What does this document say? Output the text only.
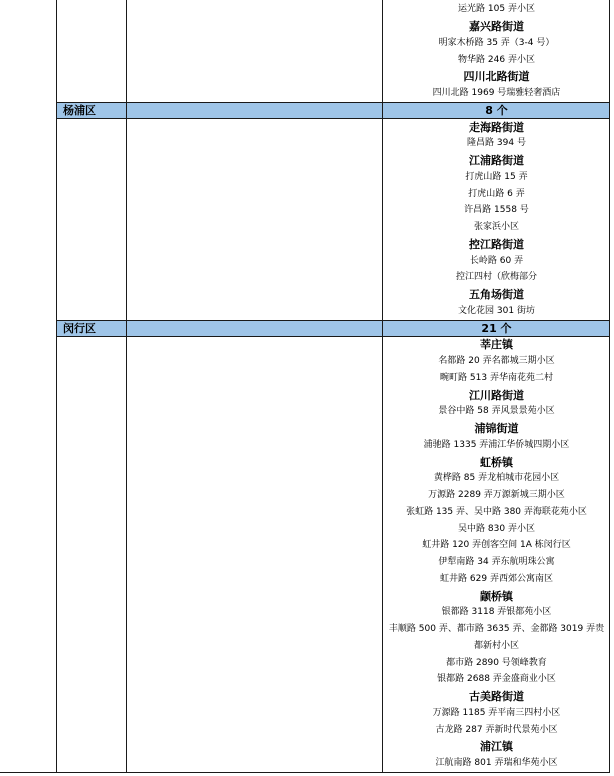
运光路 105 弄小区
嘉兴路街道
明家木桥路 35 弄（3-4 号）
物华路 246 弄小区
四川北路街道
四川北路 1969 号瑞雅轻奢酒店
杨浦区	8 个
走海路街道
隆昌路 394 号
江浦路街道
打虎山路 15 弄
打虎山路 6 弄
许昌路 1558 号
张家浜小区
控江路街道
长岭路 60 弄
控江四村（欣梅部分
五角场街道
文化花园 301 街坊
闵行区	21 个
莘庄镇
名都路 20 弄名都城三期小区
畹町路 513 弄华南花苑二村
江川路街道
景谷中路 58 弄风景景苑小区
浦锦街道
浦驰路 1335 弄浦江华侨城四期小区
虹桥镇
黄桦路 85 弄龙柏城市花园小区
万源路 2289 弄万源新城三期小区
张虹路 135 弄、吴中路 380 弄海联花苑小区
吴中路 830 弄小区
虹井路 120 弄创客空间 1A 栋闵行区
伊犁南路 34 弄东航明珠公寓
虹井路 629 弄西郊公寓南区
颛桥镇
银都路 3118 弄银都苑小区
丰顺路 500 弄、都市路 3635 弄、金都路 3019 弄贵
都新村小区
都市路 2890 号领峰教育
银都路 2688 弄金盛商业小区
古美路街道
万源路 1185 弄平南三四村小区
古龙路 287 弄新时代景苑小区
浦江镇
江航南路 801 弄瑞和华苑小区
